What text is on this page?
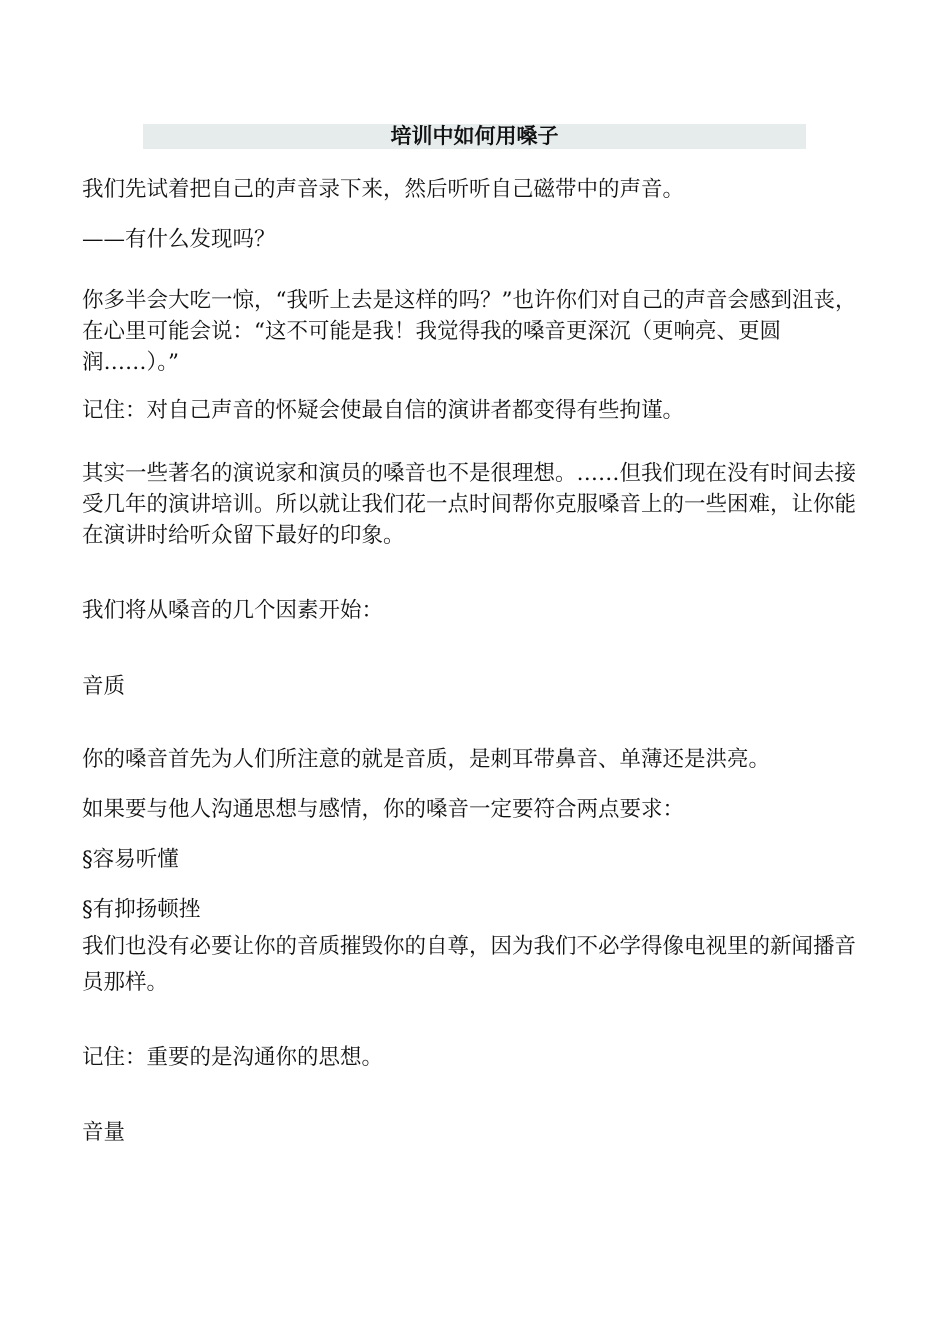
培训中如何用嗓子

我们先试着把自己的声音录下来，然后听听自己磁带中的声音。

——有什么发现吗？

你多半会大吃一惊，“我听上去是这样的吗？”也许你们对自己的声音会感到沮丧，在心里可能会说：“这不可能是我！我觉得我的嗓音更深沉（更响亮、更圆润……）。”

记住：对自己声音的怀疑会使最自信的演讲者都变得有些拘谨。

其实一些著名的演说家和演员的嗓音也不是很理想。……但我们现在没有时间去接受几年的演讲培训。所以就让我们花一点时间帮你克服嗓音上的一些困难，让你能在演讲时给听众留下最好的印象。

我们将从嗓音的几个因素开始：

音质

你的嗓音首先为人们所注意的就是音质，是刺耳带鼻音、单薄还是洪亮。

如果要与他人沟通思想与感情，你的嗓音一定要符合两点要求：

§容易听懂

§有抑扬顿挫

我们也没有必要让你的音质摧毁你的自尊，因为我们不必学得像电视里的新闻播音员那样。

记住：重要的是沟通你的思想。

音量
